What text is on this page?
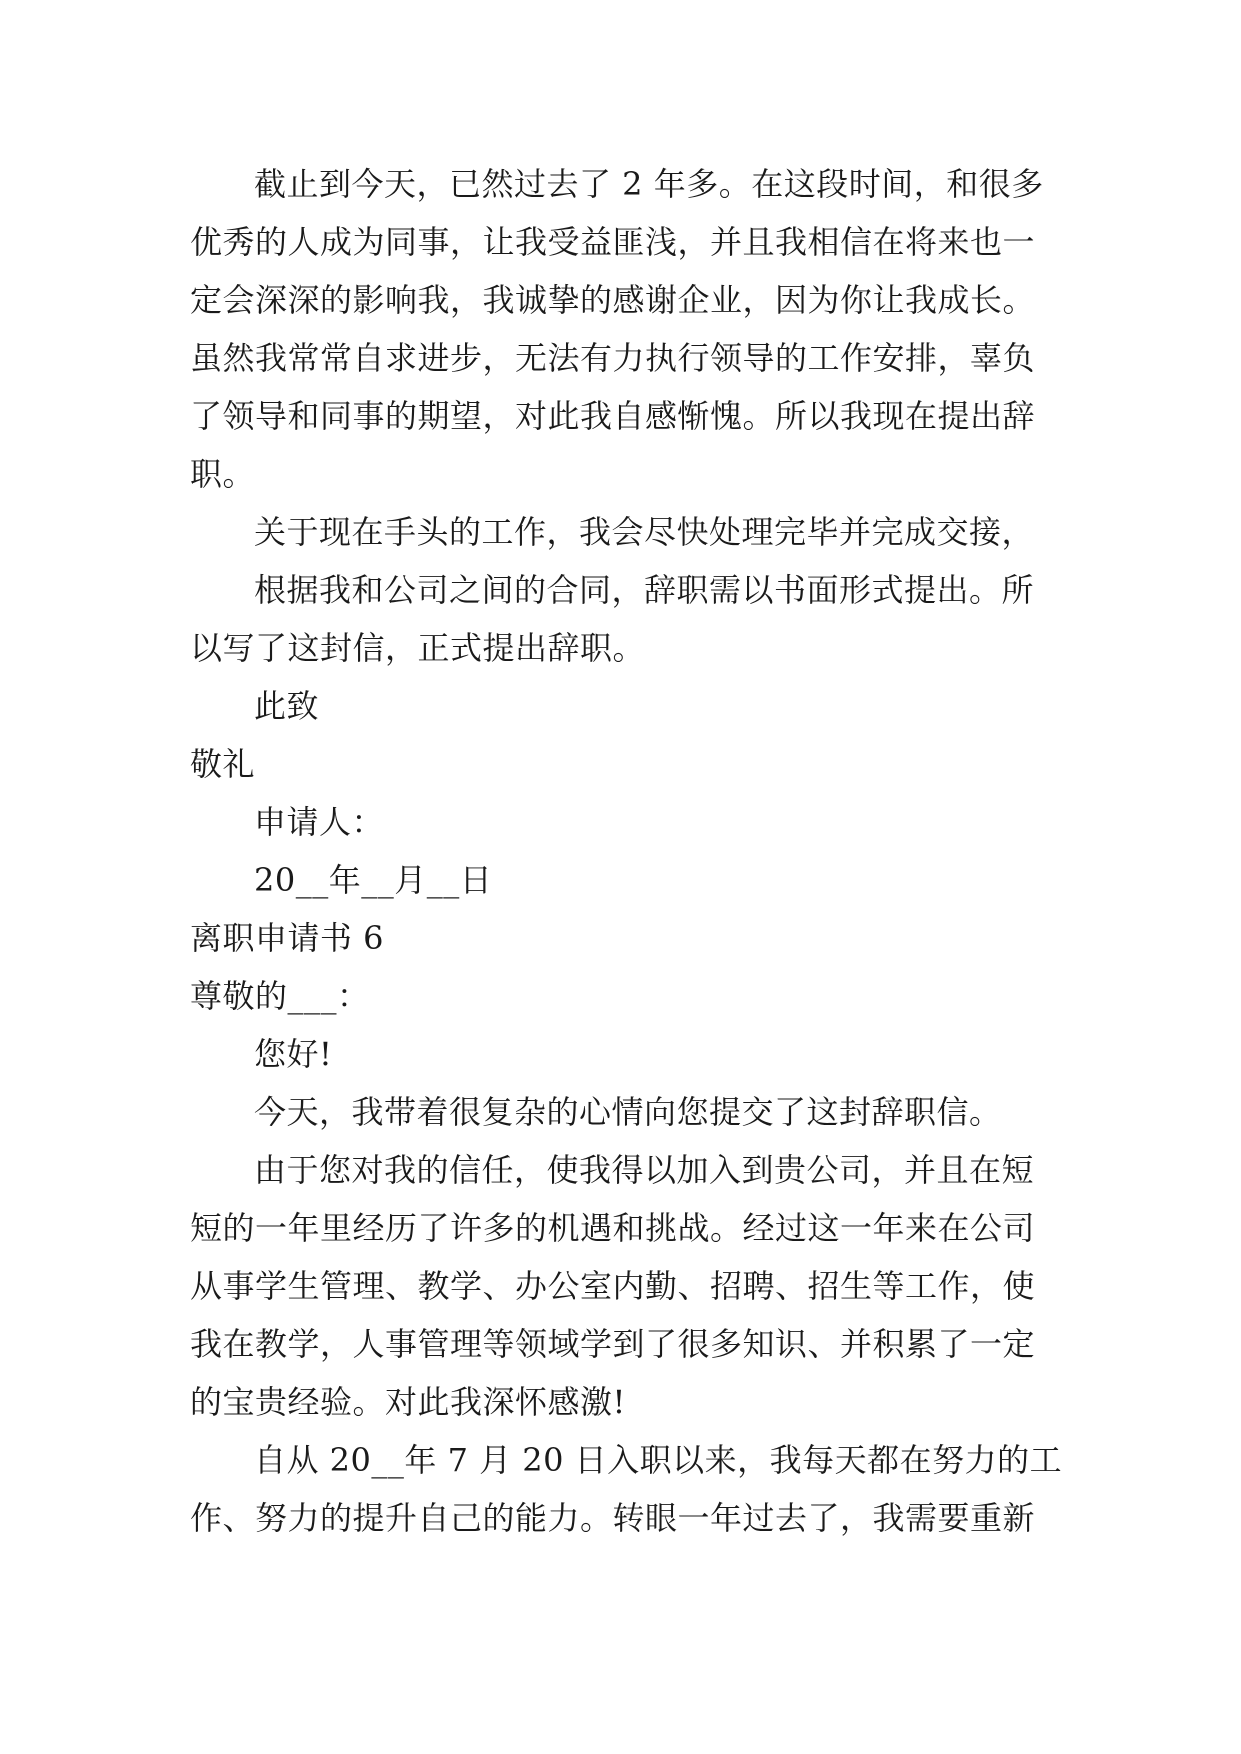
截止到今天，已然过去了 2 年多。在这段时间，和很多
优秀的人成为同事，让我受益匪浅，并且我相信在将来也一
定会深深的影响我，我诚挚的感谢企业，因为你让我成长。
虽然我常常自求进步，无法有力执行领导的工作安排，辜负
了领导和同事的期望，对此我自感惭愧。所以我现在提出辞
职。
关于现在手头的工作，我会尽快处理完毕并完成交接，
根据我和公司之间的合同，辞职需以书面形式提出。所
以写了这封信，正式提出辞职。
此致
敬礼
申请人：
20__年__月__日
离职申请书 6
尊敬的___：
您好!
今天，我带着很复杂的心情向您提交了这封辞职信。
由于您对我的信任，使我得以加入到贵公司，并且在短
短的一年里经历了许多的机遇和挑战。经过这一年来在公司
从事学生管理、教学、办公室内勤、招聘、招生等工作，使
我在教学，人事管理等领域学到了很多知识、并积累了一定
的宝贵经验。对此我深怀感激!
自从 20__年 7 月 20 日入职以来，我每天都在努力的工
作、努力的提升自己的能力。转眼一年过去了，我需要重新
